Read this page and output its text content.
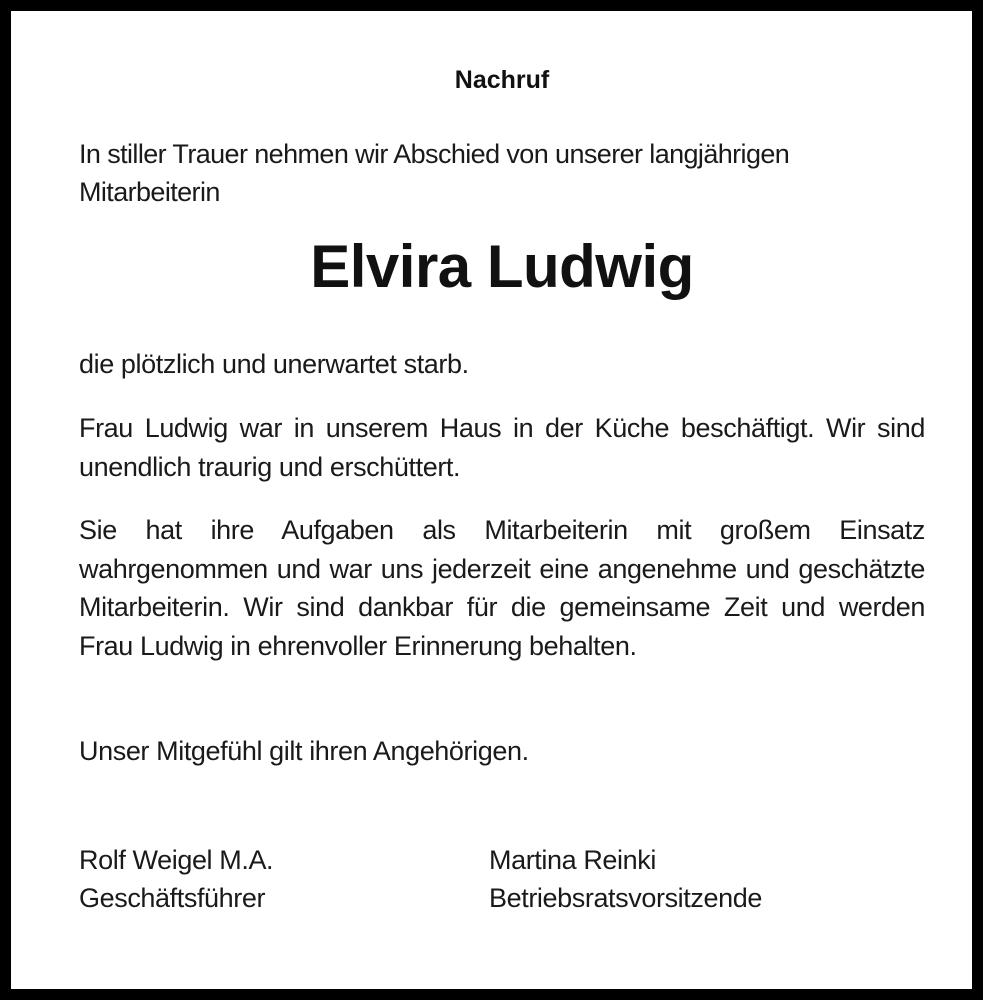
Nachruf
In stiller Trauer nehmen wir Abschied von unserer langjährigen Mitarbeiterin
Elvira Ludwig
die plötzlich und unerwartet starb.
Frau Ludwig war in unserem Haus in der Küche beschäftigt. Wir sind unendlich traurig und erschüttert.
Sie hat ihre Aufgaben als Mitarbeiterin mit großem Einsatz wahrgenommen und war uns jederzeit eine angenehme und geschätzte Mitarbeiterin. Wir sind dankbar für die gemeinsame Zeit und werden Frau Ludwig in ehrenvoller Erinnerung behalten.
Unser Mitgefühl gilt ihren Angehörigen.
Rolf Weigel M.A.
Geschäftsführer
Martina Reinki
Betriebsratsvorsitzende
